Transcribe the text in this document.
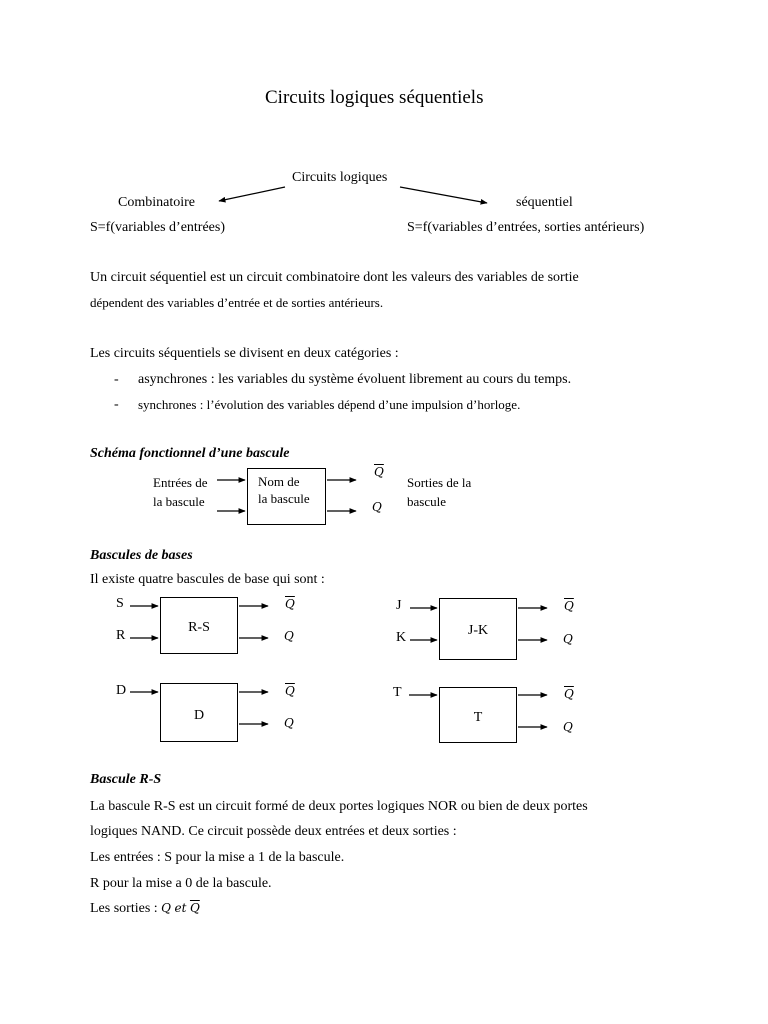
Circuits logiques séquentiels
Circuits logiques
Combinatoire	séquentiel
S=f(variables d’entrées)	S=f(variables d’entrées, sorties antérieurs)
Un circuit séquentiel est un circuit combinatoire dont les valeurs des variables de sortie
dépendent des variables d’entrée et de sorties antérieurs.
Les circuits séquentiels se divisent en deux catégories :
- asynchrones : les variables du système évoluent librement au cours du temps.
- synchrones : l’évolution des variables dépend d’une impulsion d’horloge.
Schéma fonctionnel d’une bascule
Entrées de
la bascule
Nom de
la bascule
$\overline{Q}$
Q
Sorties de la
bascule
Bascules de bases
Il existe quatre bascules de base qui sont :
S
R
R-S
$\overline{Q}$
Q
J
K	J-K
$\overline{Q}$
Q
D
D
$\overline{Q}$
Q
T
T
$\overline{Q}$
Q
Bascule R-S
La bascule R-S est un circuit formé de deux portes logiques NOR ou bien de deux portes
logiques NAND. Ce circuit possède deux entrées et deux sorties :
Les entrées : S pour la mise a 1 de la bascule.
R pour la mise a 0 de la bascule.
Les sorties : Q et $\overline{Q}$
